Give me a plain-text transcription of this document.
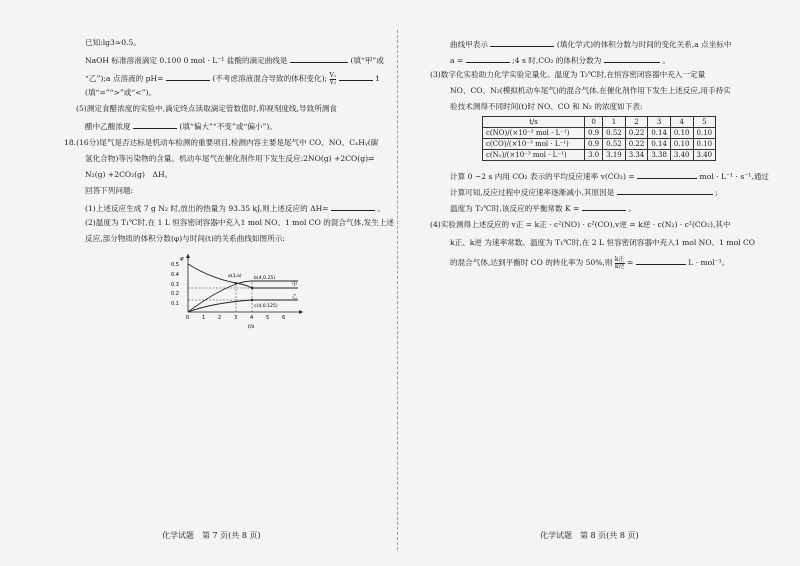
已知:lg3≈0.5。
NaOH 标准溶液滴定 0.100 0 mol · L⁻¹ 盐酸的滴定曲线是	(填“甲”或
“乙”);a 点溶液的 pH=	(不考虑溶液混合导致的体积变化); $\frac{\text{V₁}}{\text{V₂}}$	1
(填“=”“>”或“<”)。
(5)测定食醋浓度的实验中,滴定终点读取滴定管数值时,仰视刻度线,导致所测食
醋中乙酸浓度	(填“偏大”“不变”或“偏小”)。
18.(16分)尾气是否达标是机动车检测的重要项目,检测内容主要是尾气中 CO、NO、CₓHᵧ(碳
氢化合物)等污染物的含量。机动车尾气在催化剂作用下发生反应:2NO(g) +2CO(g)⇌
N₂(g) +2CO₂(g)　ΔH。
回答下列问题:
(1)上述反应生成 7 g N₂ 时,放出的热量为 93.35 kJ,则上述反应的 ΔH=	。
(2)温度为 T₁℃时,在 1 L 恒容密闭容器中充入1 mol NO、1 mol CO 的混合气体,发生上述
反应,部分物质的体积分数(φ)与时间(t)的关系曲线如图所示:
0.5
0.4
0.3
0.2
0.1
φ
0	1	2	3	4	5	6
t/s
a(3,a)	b(4,0.25)
c(4,0.125)
甲
乙
化学试题　第 7 页(共 8 页)
曲线甲表示	(填化学式)的体积分数与时间的变化关系,a 点坐标中
a =	;4 s 时,CO₂ 的体积分数为	。
(3)数字化实验助力化学实验定量化。温度为 T₂℃时,在恒容密闭容器中充入一定量
NO、CO、N₂(模拟机动车尾气)的混合气体,在催化剂作用下发生上述反应,用手持实
验技术测得不同时间(t)时 NO、CO 和 N₂ 的浓度如下表:
t/s	0	1	2	3	4	5
c(NO)/(×10⁻³ mol · L⁻¹)	0.9	0.52	0.22	0.14	0.10	0.10
c(CO)/(×10⁻³ mol · L⁻¹)	0.9	0.52	0.22	0.14	0.10	0.10
c(N₂)/(×10⁻³ mol · L⁻¹)	3.0	3.19	3.34	3.38	3.40	3.40
计算 0 ~2 s 内用 CO₂ 表示的平均反应速率 v(CO₂) =	mol · L⁻¹ · s⁻¹,通过
计算可知,反应过程中反应速率逐渐减小,其原因是	;
温度为 T₂℃时,该反应的平衡常数 K =	。
(4)实验测得上述反应的 v正 = k正 · c²(NO) · c²(CO),v逆 = k逆 · c(N₂) · c²(CO₂),其中
k正、k逆 为速率常数。温度为 T₁℃时,在 2 L 恒容密闭容器中充入1 mol NO、1 mol CO
的混合气体,达到平衡时 CO 的转化率为 50%,则 $\frac{\text{k正}}{\text{k逆}}$ =	L · mol⁻¹。
化学试题　第 8 页(共 8 页)
